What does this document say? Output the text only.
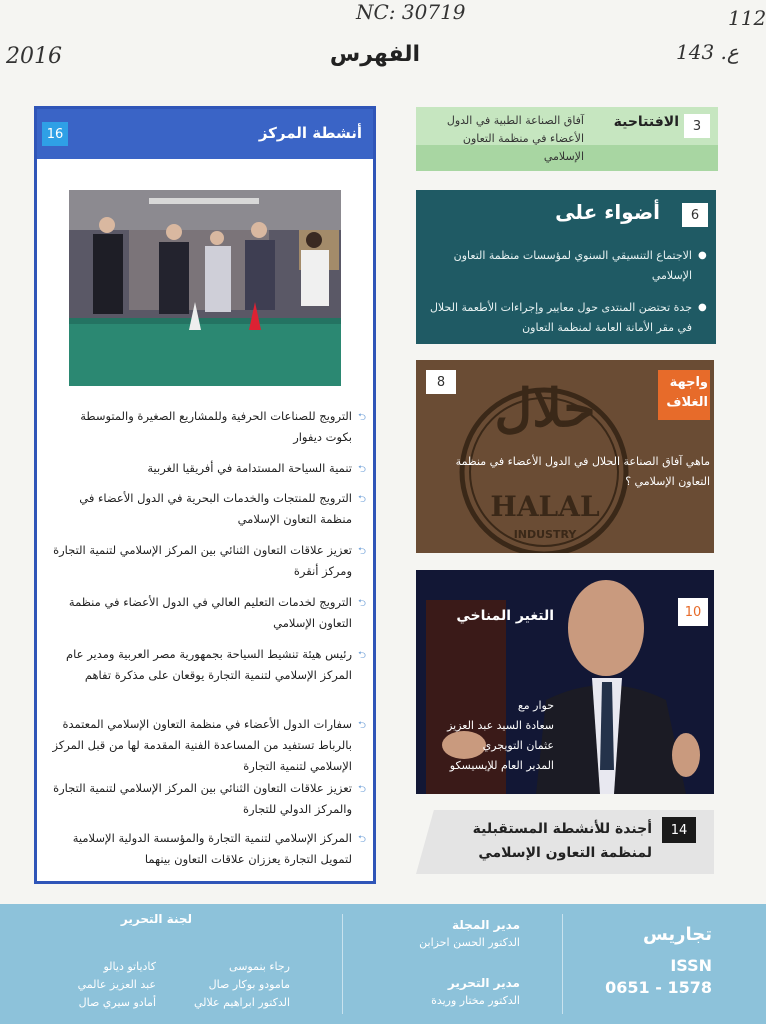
NC: 30719
2016
112
143 .ع
الفهرس
أنشطة المركز
16
⮌
الترويج للصناعات الحرفية وللمشاريع الصغيرة والمتوسطة بكوت ديفوار
⮌
تنمية السياحة المستدامة في أفريقيا الغربية
⮌
الترويج للمنتجات والخدمات البحرية في الدول الأعضاء في منظمة التعاون الإسلامي
⮌
تعزيز علاقات التعاون الثنائي بين المركز الإسلامي لتنمية التجارة ومركز أنقرة
⮌
الترويج لخدمات التعليم العالي في الدول الأعضاء في منظمة التعاون الإسلامي
⮌
رئيس هيئة تنشيط السياحة بجمهورية مصر العربية ومدير عام المركز الإسلامي لتنمية التجارة يوقعان على مذكرة تفاهم
⮌
سفارات الدول الأعضاء في منظمة التعاون الإسلامي المعتمدة بالرباط تستفيد من المساعدة الفنية المقدمة لها من قبل المركز الإسلامي لتنمية التجارة
⮌
تعزيز علاقات التعاون الثنائي بين المركز الإسلامي لتنمية التجارة والمركز الدولي للتجارة
⮌
المركز الإسلامي لتنمية التجارة والمؤسسة الدولية الإسلامية لتمويل التجارة يعززان علاقات التعاون بينهما
3
الافتتاحية
آفاق الصناعة الطبية في الدول الأعضاء في منظمة التعاون الإسلامي
6
أضواء على
الاجتماع التنسيقي السنوي لمؤسسات منظمة التعاون الإسلامي
●
جدة تحتضن المنتدى حول معايير وإجراءات الأطعمة الحلال في مقر الأمانة العامة لمنظمة التعاون
●
حلال
HALAL
INDUSTRY
8	واجهة
الغلاف
ماهي آفاق الصناعة الحلال في الدول الأعضاء في منظمة التعاون الإسلامي ؟
التغير المناخي	10
حوار مع
سعادة السيد عبد العزيز
عثمان التويجري
المدير العام للإيسيسكو
14
أجندة للأنشطة المستقبلية
لمنظمة التعاون الإسلامي
لجنة التحرير
رجاء بنموسى
مامودو بوكار صال
الدكتور ابراهيم علالي
كادياتو ديالو
عبد العزيز عالمي
أمادو سيري صال
مدير المجلة
الدكتور الحسن احزابن
مدير التحرير
الدكتور مختار وريدة
تجاريس
ISSN
0651 - 1578
